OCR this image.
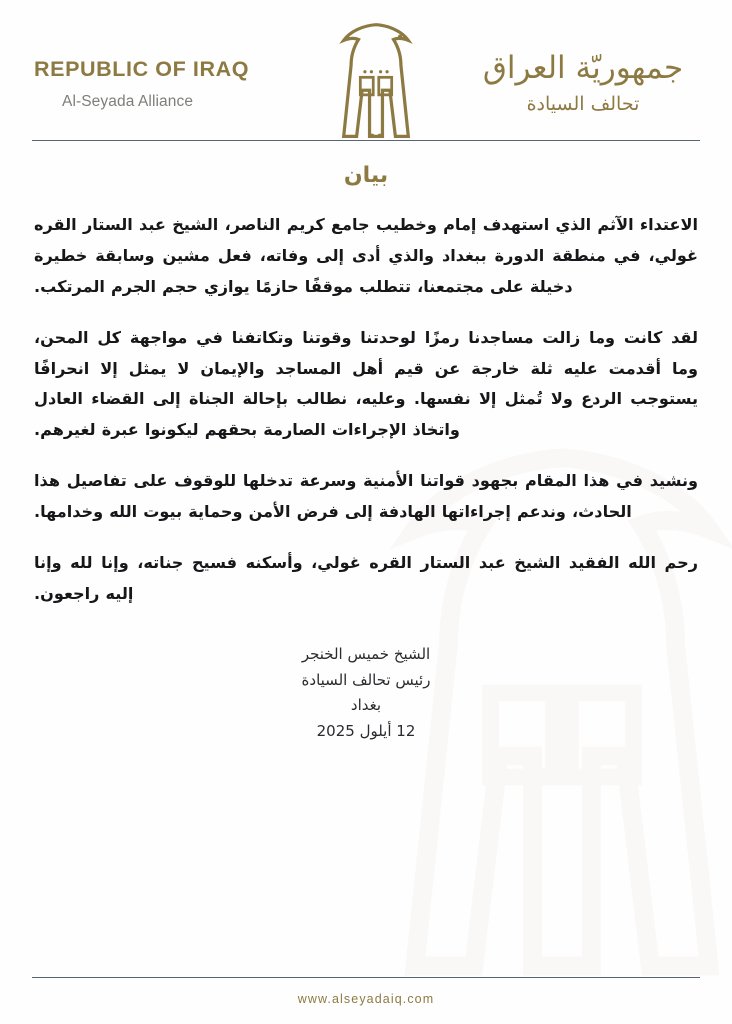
REPUBLIC OF IRAQ
Al-Seyada Alliance
جمهوريّة العراق
تحالف السيادة
بيان

الاعتداء الآثم الذي استهدف إمام وخطيب جامع كريم الناصر، الشيخ عبد الستار القره غولي، في منطقة الدورة ببغداد والذي أدى إلى وفاته، فعل مشين وسابقة خطيرة دخيلة على مجتمعنا، تتطلب موقفًا حازمًا يوازي حجم الجرم المرتكب.

لقد كانت وما زالت مساجدنا رمزًا لوحدتنا وقوتنا وتكاتفنا في مواجهة كل المحن، وما أقدمت عليه ثلة خارجة عن قيم أهل المساجد والإيمان لا يمثل إلا انحرافًا يستوجب الردع ولا تُمثل إلا نفسها. وعليه، نطالب بإحالة الجناة إلى القضاء العادل واتخاذ الإجراءات الصارمة بحقهم ليكونوا عبرة لغيرهم.

ونشيد في هذا المقام بجهود قواتنا الأمنية وسرعة تدخلها للوقوف على تفاصيل هذا الحادث، وندعم إجراءاتها الهادفة إلى فرض الأمن وحماية بيوت الله وخدامها.

رحم الله الفقيد الشيخ عبد الستار القره غولي، وأسكنه فسيح جناته، وإنا لله وإنا إليه راجعون.

الشيخ خميس الخنجر
رئيس تحالف السيادة
بغداد
12 أيلول 2025
www.alseyadaiq.com
